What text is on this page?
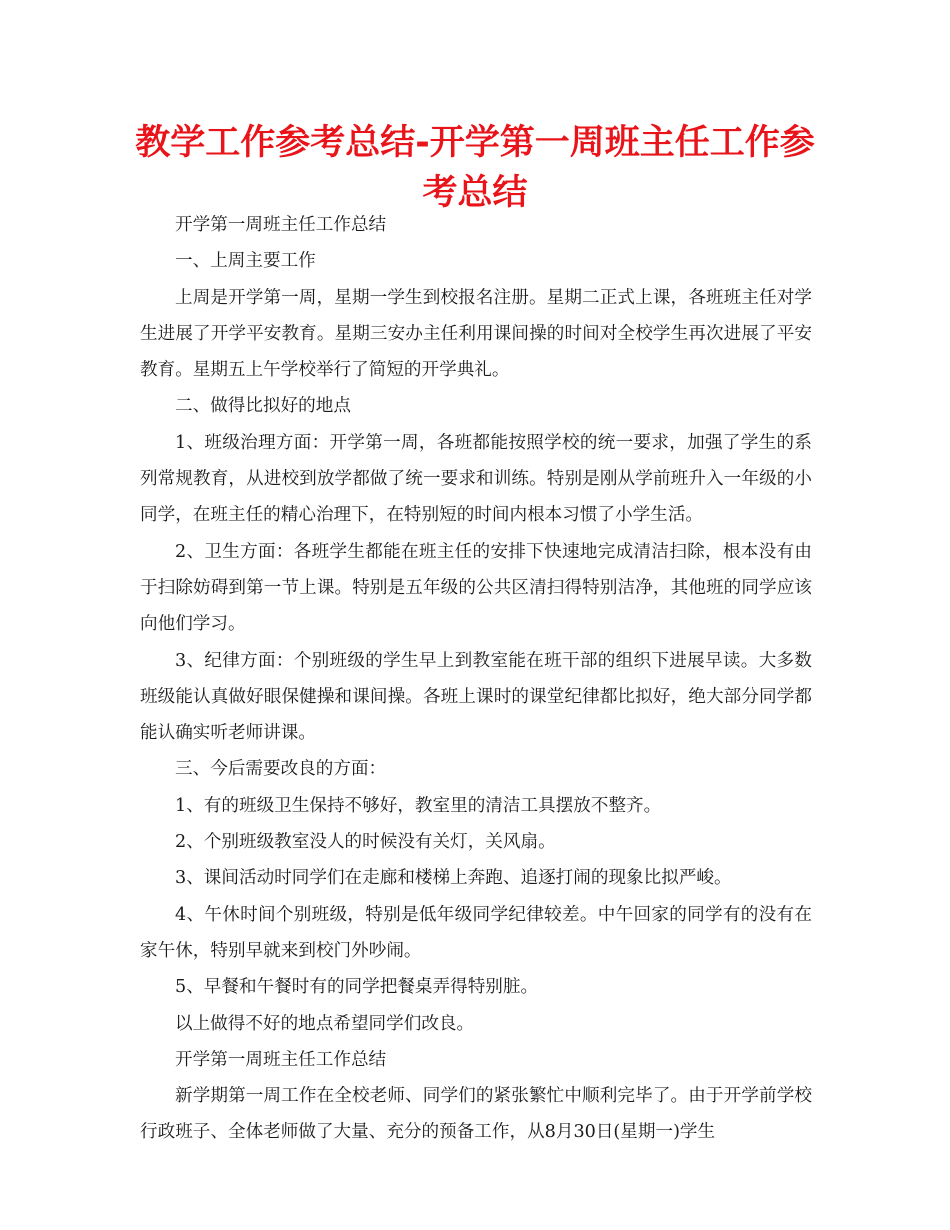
教学工作参考总结-开学第一周班主任工作参考总结

开学第一周班主任工作总结

一、上周主要工作

上周是开学第一周，星期一学生到校报名注册。星期二正式上课，各班班主任对学生进展了开学平安教育。星期三安办主任利用课间操的时间对全校学生再次进展了平安教育。星期五上午学校举行了简短的开学典礼。

二、做得比拟好的地点

1、班级治理方面：开学第一周，各班都能按照学校的统一要求，加强了学生的系列常规教育，从进校到放学都做了统一要求和训练。特别是刚从学前班升入一年级的小同学，在班主任的精心治理下，在特别短的时间内根本习惯了小学生活。

2、卫生方面：各班学生都能在班主任的安排下快速地完成清洁扫除，根本没有由于扫除妨碍到第一节上课。特别是五年级的公共区清扫得特别洁净，其他班的同学应该向他们学习。

3、纪律方面：个别班级的学生早上到教室能在班干部的组织下进展早读。大多数班级能认真做好眼保健操和课间操。各班上课时的课堂纪律都比拟好，绝大部分同学都能认确实听老师讲课。

三、今后需要改良的方面：

1、有的班级卫生保持不够好，教室里的清洁工具摆放不整齐。

2、个别班级教室没人的时候没有关灯，关风扇。

3、课间活动时同学们在走廊和楼梯上奔跑、追逐打闹的现象比拟严峻。

4、午休时间个别班级，特别是低年级同学纪律较差。中午回家的同学有的没有在家午休，特别早就来到校门外吵闹。

5、早餐和午餐时有的同学把餐桌弄得特别脏。

以上做得不好的地点希望同学们改良。

开学第一周班主任工作总结

新学期第一周工作在全校老师、同学们的紧张繁忙中顺利完毕了。由于开学前学校行政班子、全体老师做了大量、充分的预备工作，从8月30日(星期一)学生
